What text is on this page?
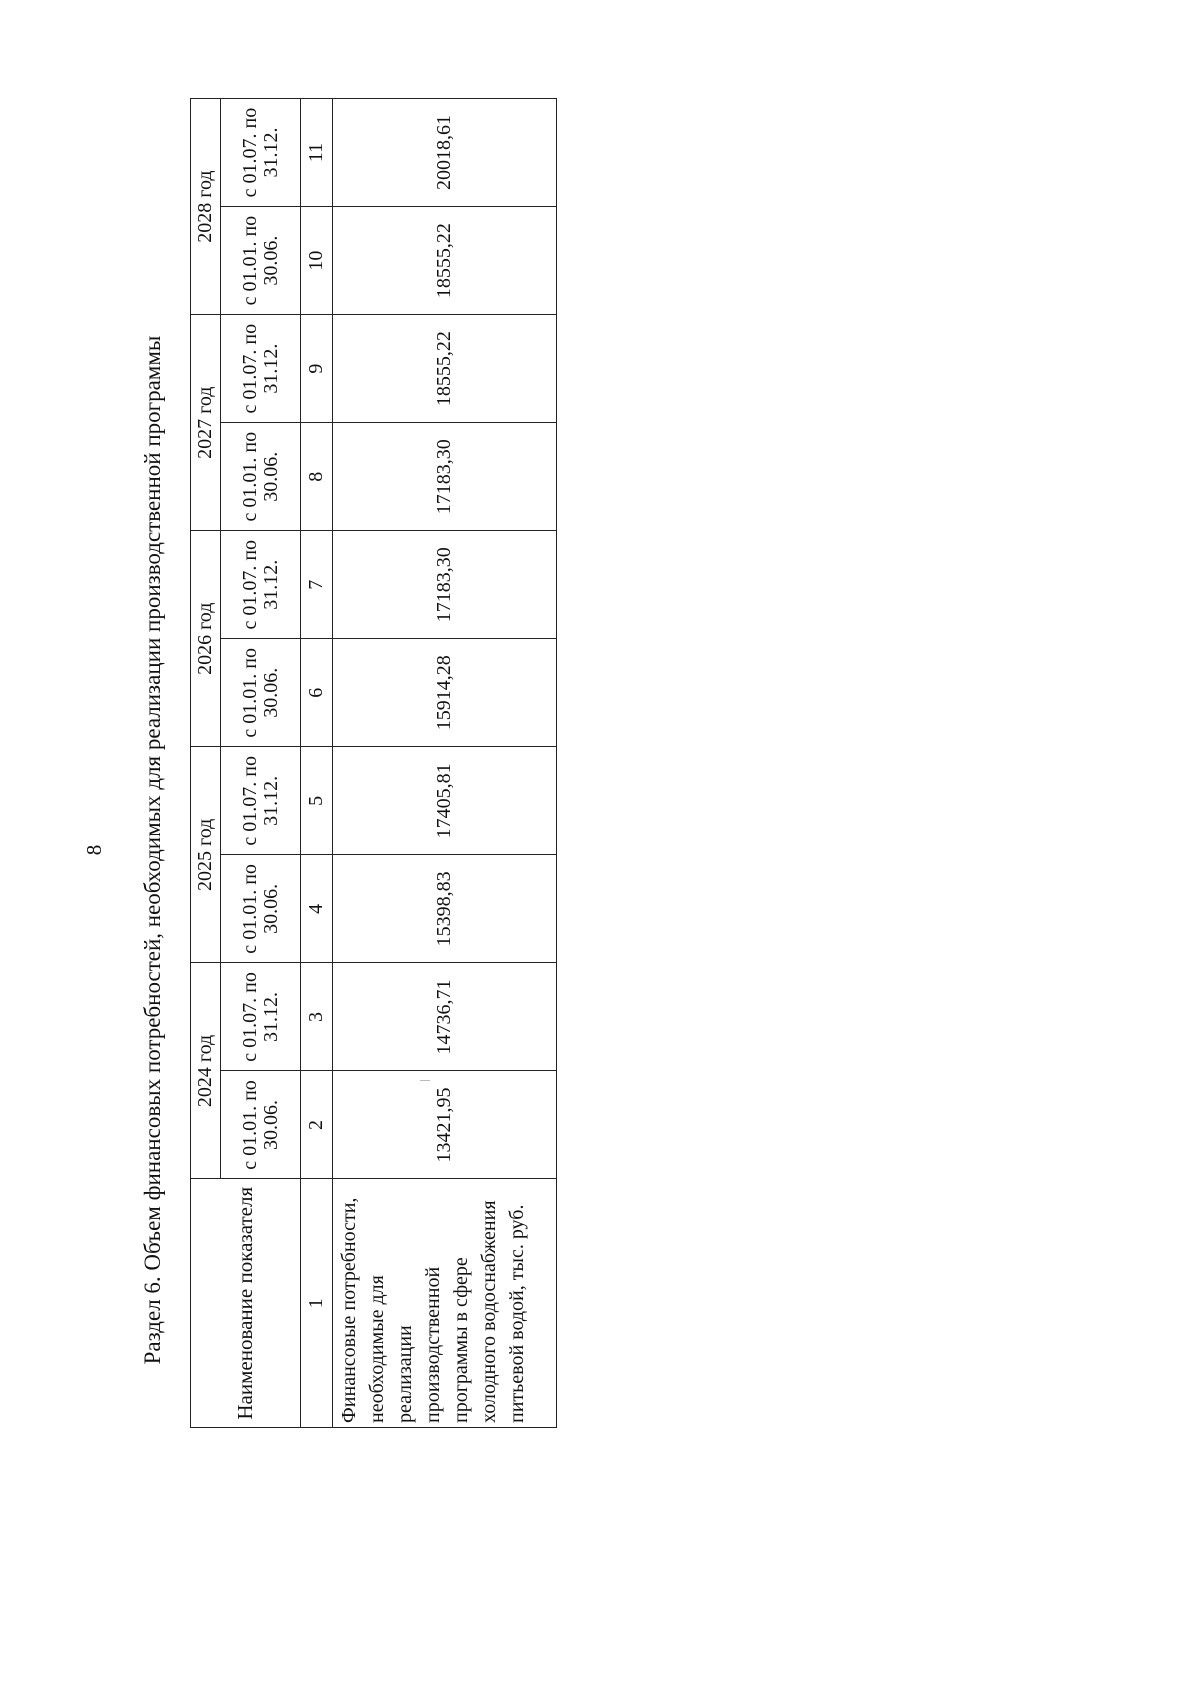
8 Раздел 6. Объем финансовых потребностей, необходимых для реализации производственной программы	Наименование показателя	2024 год		2025 год		2026 год		2027 год		2028 год	
	с 01.01. по 30.06.	с 01.07. по 31.12.	с 01.01. по 30.06.	с 01.07. по 31.12.	с 01.01. по 30.06.	с 01.07. по 31.12.	с 01.01. по 30.06.	с 01.07. по 31.12.	с 01.01. по 30.06.	с 01.07. по 31.12.
1	2	3	4	5	6	7	8	9	10	11
Финансовые потребности, необходимые для реализации производственной программы в сфере холодного водоснабжения питьевой водой, тыс. руб.	13421,95	14736,71	15398,83	17405,81	15914,28	17183,30	17183,30	18555,22	18555,22	20018,61
